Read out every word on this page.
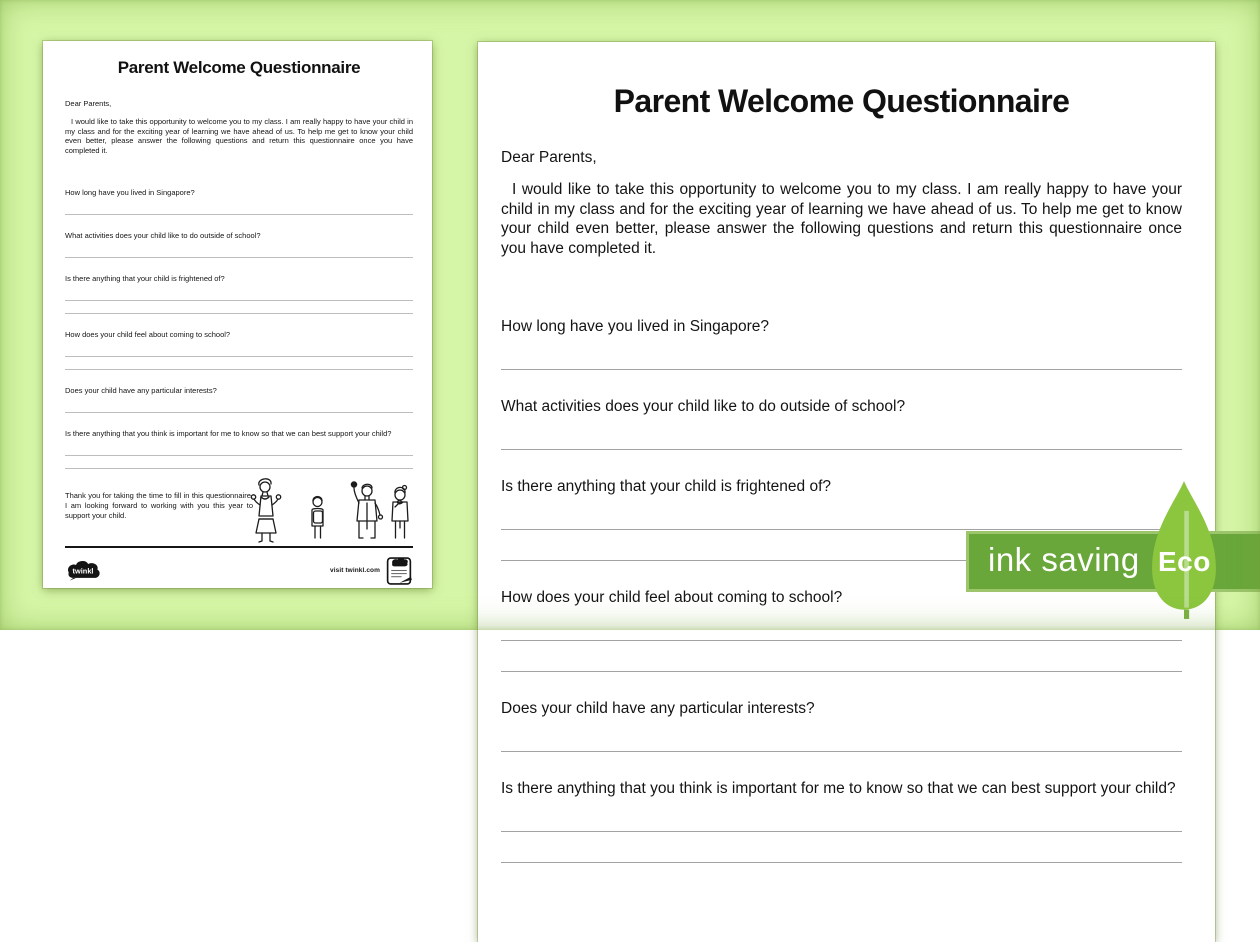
Parent Welcome Questionnaire

Dear Parents,

I would like to take this opportunity to welcome you to my class. I am really happy to have your child in my class and for the exciting year of learning we have ahead of us. To help me get to know your child even better, please answer the following questions and return this questionnaire once you have completed it.

How long have you lived in Singapore?

What activities does your child like to do outside of school?

Is there anything that your child is frightened of?

How does your child feel about coming to school?

Does your child have any particular interests?

Is there anything that you think is important for me to know so that we can best support your child?

Thank you for taking the time to fill in this questionnaire. I am looking forward to working with you this year to support your child.

twinkl	visit twinkl.com
Parent Welcome Questionnaire

Dear Parents,

I would like to take this opportunity to welcome you to my class. I am really happy to have your child in my class and for the exciting year of learning we have ahead of us. To help me get to know your child even better, please answer the following questions and return this questionnaire once you have completed it.

How long have you lived in Singapore?

What activities does your child like to do outside of school?

Is there anything that your child is frightened of?

How does your child feel about coming to school?

Does your child have any particular interests?

Is there anything that you think is important for me to know so that we can best support your child?

ink saving Eco
